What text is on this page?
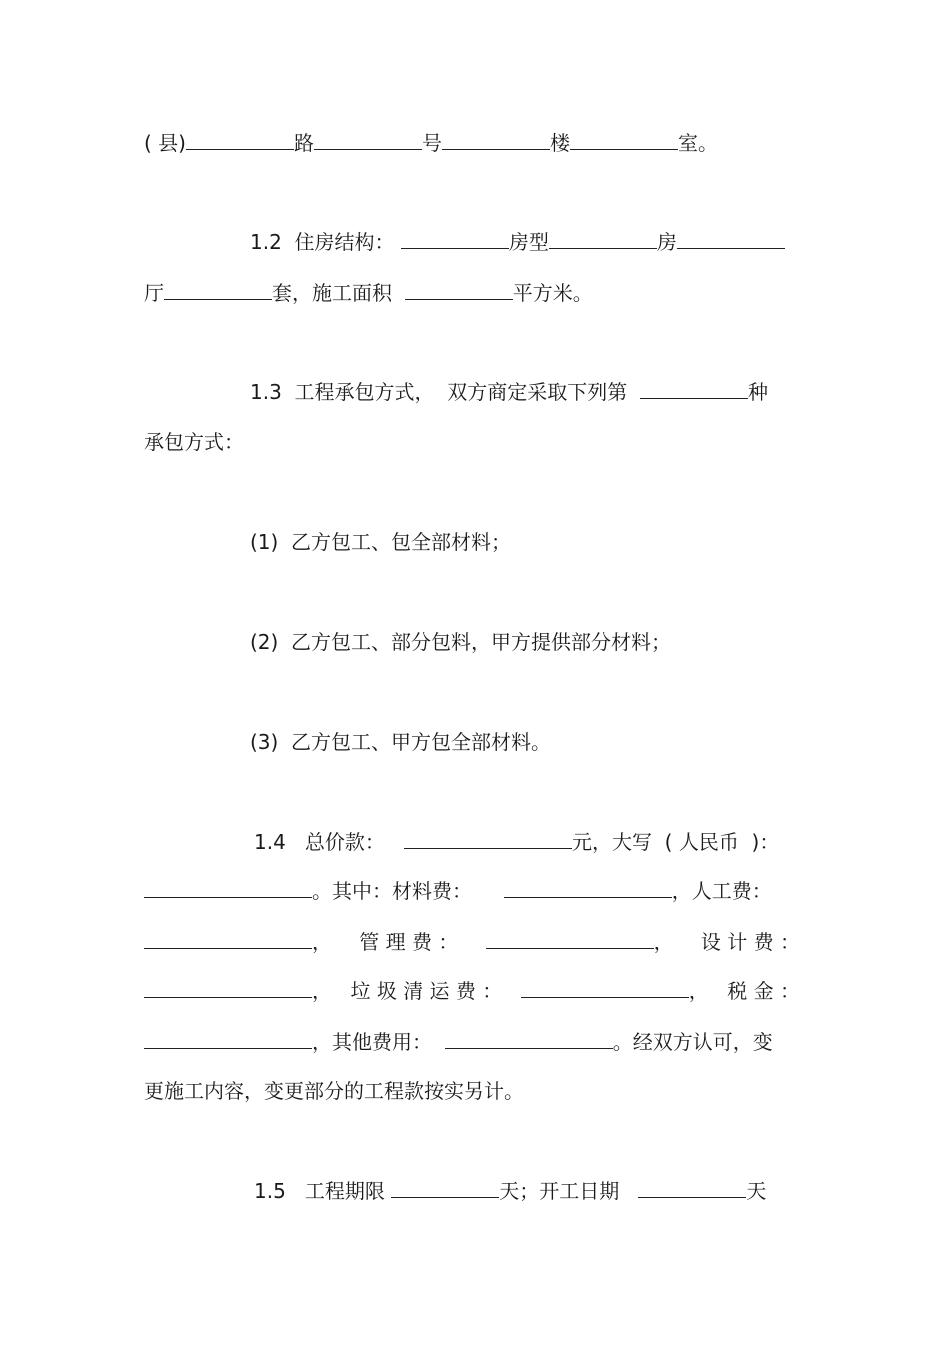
( 县)	路	号	楼	室。
1.2 住房结构：	房型	房
厅	套，施工面积	平方米。
1.3 工程承包方式，  双方商定采取下列第	种
承包方式：
(1)  乙方包工、包全部材料；
(2)  乙方包工、部分包料，甲方提供部分材料；
(3)  乙方包工、甲方包全部材料。
1.4 总价款：	元，大写  ( 人民币  )：
。其中：材料费：	，人工费：
， 管 理 费 ：	， 设 计 费 ：
， 垃 圾 清 运 费 ：	， 税 金 ：
，其他费用：	。经双方认可，变
更施工内容，变更部分的工程款按实另计。
1.5 工程期限	天；开工日期	天
